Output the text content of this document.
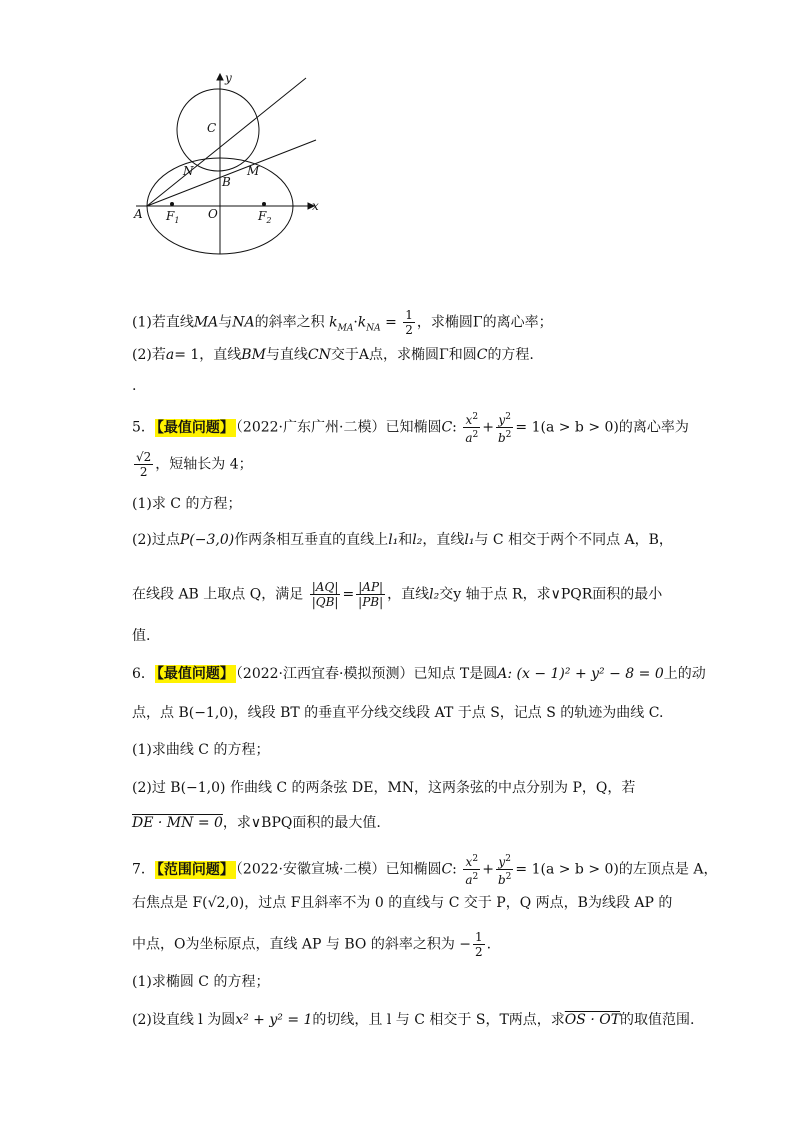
y
x
C
N	M
B
A	O
$F_1$	$F_2$
(1)若直线MA与NA的斜率之积 $k_{MA}\cdot k_{NA} = \frac{1}{2}$ ，求椭圆Γ的离心率；
(2)若a= 1，直线BM与直线CN交于A点，求椭圆Γ和圆C的方程.
.
5． 【最值问题】 （2022·广东广州·二模）已知椭圆C: $\frac{x^2}{a^2} + \frac{y^2}{b^2} = 1(a > b > 0)$的离心率为
$\frac{√2}{2}$ ，短轴长为 4；
(1)求 C 的方程；
(2)过点P(−3,0)作两条相互垂直的直线上l₁和l₂，直线l₁与 C 相交于两个不同点 A，B，
在线段 AB 上取点 Q，满足 $\frac{|AQ|}{|QB|} = \frac{|AP|}{|PB|}$ ，直线l₂交y 轴于点 R，求∨PQR面积的最小
值.
6． 【最值问题】 （2022·江西宜春·模拟预测）已知点 T是圆A: (x − 1)² + y² − 8 = 0上的动
点，点 B(−1,0)，线段 BT 的垂直平分线交线段 AT 于点 S，记点 S 的轨迹为曲线 C.
(1)求曲线 C 的方程；
(2)过 B(−1,0) 作曲线 C 的两条弦 DE，MN，这两条弦的中点分别为 P，Q，若
DE · MN = 0，求∨BPQ面积的最大值.
7． 【范围问题】 （2022·安徽宣城·二模）已知椭圆C: $\frac{x^2}{a^2} + \frac{y^2}{b^2} = 1(a > b > 0)$的左顶点是 A，
右焦点是 F(√2,0)，过点 F且斜率不为 0 的直线与 C 交于 P，Q 两点，B为线段 AP 的
中点，O为坐标原点，直线 AP 与 BO 的斜率之积为 − $\frac{1}{2}$ .
(1)求椭圆 C 的方程；
(2)设直线 l 为圆x² + y² = 1的切线，且 l 与 C 相交于 S，T两点，求OS · OT的取值范围.
